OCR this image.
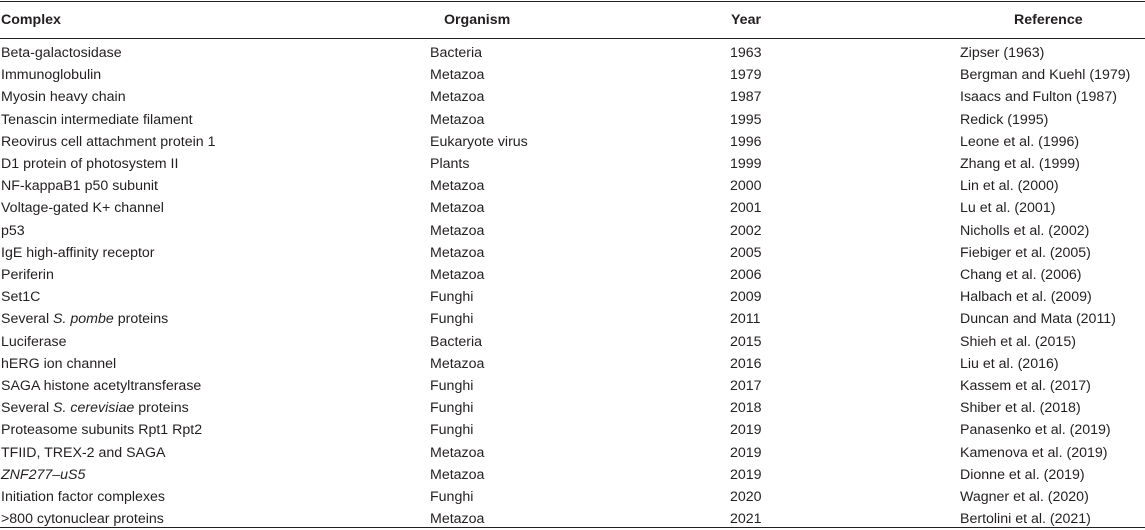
Complex	Organism	Year	Reference
Beta-galactosidase	Bacteria	1963	Zipser (1963)
Immunoglobulin	Metazoa	1979	Bergman and Kuehl (1979)
Myosin heavy chain	Metazoa	1987	Isaacs and Fulton (1987)
Tenascin intermediate filament	Metazoa	1995	Redick (1995)
Reovirus cell attachment protein 1	Eukaryote virus	1996	Leone et al. (1996)
D1 protein of photosystem II	Plants	1999	Zhang et al. (1999)
NF-kappaB1 p50 subunit	Metazoa	2000	Lin et al. (2000)
Voltage-gated K+ channel	Metazoa	2001	Lu et al. (2001)
p53	Metazoa	2002	Nicholls et al. (2002)
IgE high-affinity receptor	Metazoa	2005	Fiebiger et al. (2005)
Periferin	Metazoa	2006	Chang et al. (2006)
Set1C	Funghi	2009	Halbach et al. (2009)
Several S. pombe proteins	Funghi	2011	Duncan and Mata (2011)
Luciferase	Bacteria	2015	Shieh et al. (2015)
hERG ion channel	Metazoa	2016	Liu et al. (2016)
SAGA histone acetyltransferase	Funghi	2017	Kassem et al. (2017)
Several S. cerevisiae proteins	Funghi	2018	Shiber et al. (2018)
Proteasome subunits Rpt1 Rpt2	Funghi	2019	Panasenko et al. (2019)
TFIID, TREX-2 and SAGA	Metazoa	2019	Kamenova et al. (2019)
ZNF277–uS5	Metazoa	2019	Dionne et al. (2019)
Initiation factor complexes	Funghi	2020	Wagner et al. (2020)
>800 cytonuclear proteins	Metazoa	2021	Bertolini et al. (2021)
